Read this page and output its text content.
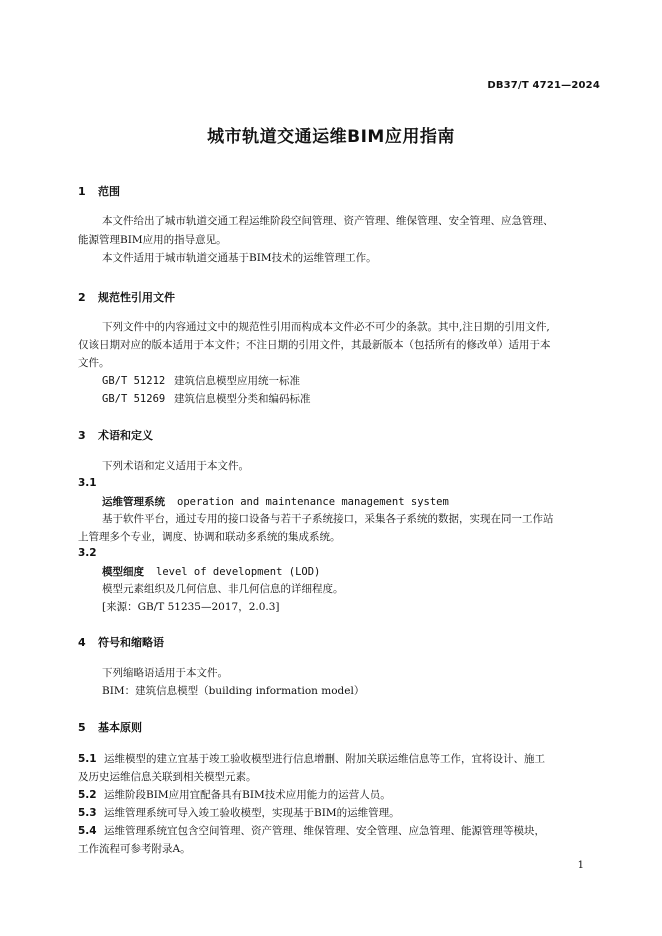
DB37/T 4721—2024
城市轨道交通运维BIM应用指南
1 范围
本文件给出了城市轨道交通工程运维阶段空间管理、资产管理、维保管理、安全管理、应急管理、
能源管理BIM应用的指导意见。
本文件适用于城市轨道交通基于BIM技术的运维管理工作。
2 规范性引用文件
下列文件中的内容通过文中的规范性引用而构成本文件必不可少的条款。其中,注日期的引用文件,
仅该日期对应的版本适用于本文件；不注日期的引用文件，其最新版本（包括所有的修改单）适用于本
文件。
GB/T 51212 建筑信息模型应用统一标准
GB/T 51269 建筑信息模型分类和编码标准
3 术语和定义
下列术语和定义适用于本文件。
3.1
运维管理系统 operation and maintenance management system
基于软件平台，通过专用的接口设备与若干子系统接口，采集各子系统的数据，实现在同一工作站
上管理多个专业，调度、协调和联动多系统的集成系统。
3.2
模型细度 level of development (LOD)
模型元素组织及几何信息、非几何信息的详细程度。
[来源：GB/T 51235—2017，2.0.3]
4 符号和缩略语
下列缩略语适用于本文件。
BIM：建筑信息模型（building information model）
5 基本原则
5.1 运维模型的建立宜基于竣工验收模型进行信息增删、附加关联运维信息等工作，宜将设计、施工
及历史运维信息关联到相关模型元素。
5.2 运维阶段BIM应用宜配备具有BIM技术应用能力的运营人员。
5.3 运维管理系统可导入竣工验收模型，实现基于BIM的运维管理。
5.4 运维管理系统宜包含空间管理、资产管理、维保管理、安全管理、应急管理、能源管理等模块，
工作流程可参考附录A。
1
